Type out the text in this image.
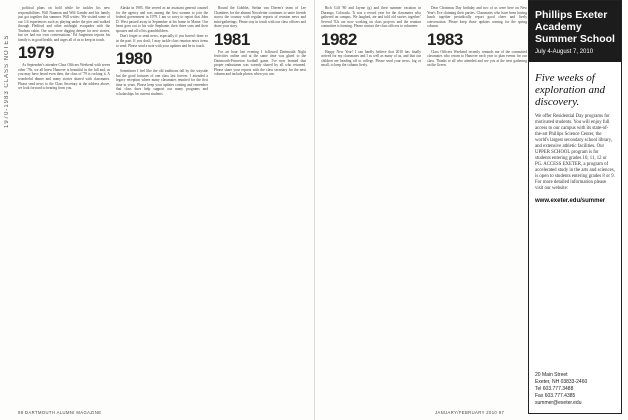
1970-1983 CLASS NOTES

political plans on hold while he tackles his new responsibilities. Will Nauman and Will Gander and his family just got together this summer. Will writes: 'We visited some of our 1/4 experiences such as playing under the pier and walked through Fledford and other midnight escapades with the Trudeau cabin. Our sons were digging deeper for new stories, but we had our own conversations.' Ed Jurgensen reports his family is in good health, and urges all of us to keep in touch.

1979

As September's attendee Class Officers Weekend with seven other '79s, we all knew Hanover is beautiful in the fall and, as you may have heard even then, the class of '79 is rocking it. A wonderful dinner and many stories shared with classmates. Please send news to the Class Secretary at the address above, we look forward to hearing from you.

Alaska in 1985. She served as an assistant general counsel for the agency and was among the first women to join the federal government in 1979. I am so sorry to report that John D. West passed away in September at his home in Maine. Our heart goes out to his wife Stephanie, their three sons and their spouses and all of his grandchildren.

Don't forget to send news, especially if you haven't done so in the past. If you don't, I may tackle class reunion news items to send. Please send a note with your updates and be in touch.

1980

Sometimes I feel like the old traditions fall by the wayside but the good fortunes of one class last forever. I attended a legacy reception where many classmates reunited for the first time in years. Please keep your updates coming and remember that class dues help support our many programs and scholarships for current students.

Round the Gobblet, Stefan van Dieren's team of Lee Chambers for the alumni Newsletter continues to unite friends across the country with regular reports of reunion news and mini-gatherings. Please stay in touch with our class officers and share your story.

1981

For an hour last evening I followed Dartmouth Night festivities online and at the same time was glued to the Dartmouth-Princeton football game. I've now learned that proper enthusiasm was warmly shared by all who returned. Please share your reports with the class secretary for the next column and include photos when you can.

96 DARTMOUTH ALUMNI MAGAZINE

Rich Gilf '80 and Jayme (g) and their summer vacation in Durango, Colorado. 'It was a record year for the classmates who gathered on campus. We laughed, ate and told old stories together.' Several '82s are now working on class projects and the reunion committee is forming. Please contact the class officers to volunteer.

1982

Happy New Year! I can hardly believe that 2010 has finally arrived for my classmates and I as well as many of us, and that our children are heading off to college. Please send your news, big or small, to keep the column lively.

Dear Christmas Day birthday and two of us were here on New Year's Eve claiming their parties. Classmates who have been having lunch together periodically report good cheer and lively conversation. Please keep those updates coming for the spring column.

1983

Class Officers Weekend recently reminds me of the committed classmates who return to Hanover each year to plan events for our class. Thanks to all who attended and see you at the next gathering on the Green.

Phillips Exeter Academy Summer School
July 4-August 7, 2010
Five weeks of exploration and discovery.
We offer Residential Day programs for motivated students. You will enjoy full access to our campus with its state-of-the-art Phillips Science Center, the world's largest secondary school library, and extensive athletic facilities. Our UPPER SCHOOL program is for students entering grades 10, 11, 12 or PG. ACCESS EXETER, a program of accelerated study in the arts and sciences, is open to students entering grades 8 or 9. For more detailed information please visit our website:
www.exeter.edu/summer
20 Main Street
Exeter, NH 03833-2460
Tel 603.777.3488
Fax 603.777.4385
summer@exeter.edu
JANUARY/FEBRUARY 2010 97
